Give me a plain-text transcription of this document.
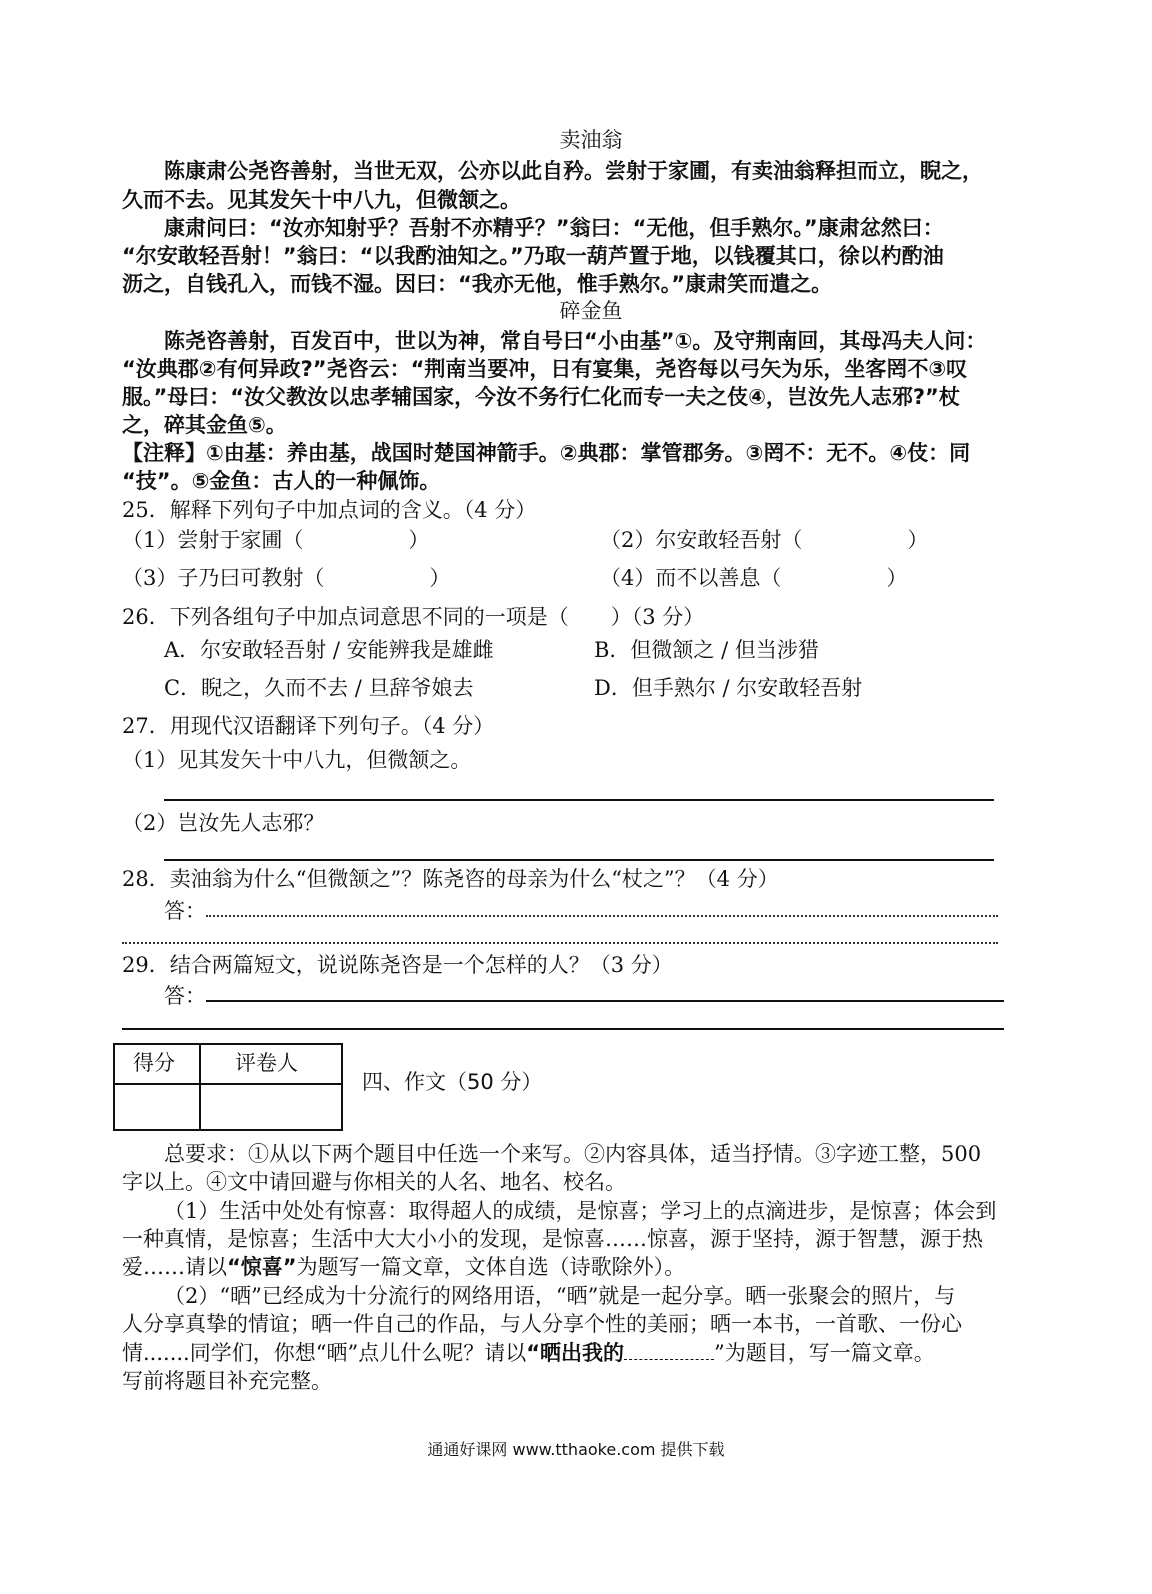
卖油翁
陈康肃公尧咨善射，当世无双，公亦以此自矜。尝射于家圃，有卖油翁释担而立，睨之，
久而不去。见其发矢十中八九，但微颔之。
康肃问曰：“汝亦知射乎？吾射不亦精乎？”翁曰：“无他，但手熟尔。”康肃忿然曰：
“尔安敢轻吾射！”翁曰：“以我酌油知之。”乃取一葫芦置于地，以钱覆其口，徐以杓酌油
沥之，自钱孔入，而钱不湿。因曰：“我亦无他，惟手熟尔。”康肃笑而遣之。
碎金鱼
陈尧咨善射，百发百中，世以为神，常自号曰“小由基”①。及守荆南回，其母冯夫人问：
“汝典郡②有何异政?”尧咨云：“荆南当要冲，日有宴集，尧咨每以弓矢为乐，坐客罔不③叹
服。”母曰：“汝父教汝以忠孝辅国家，今汝不务行仁化而专一夫之伎④，岂汝先人志邪?”杖
之，碎其金鱼⑤。
【注释】①由基：养由基，战国时楚国神箭手。②典郡：掌管郡务。③罔不：无不。④伎：同
“技”。⑤金鱼：古人的一种佩饰。
25．解释下列句子中加点词的含义。（4 分）
（1）尝射于家圃（　　　　　）	（2）尔安敢轻吾射（　　　　　）
（3）子乃曰可教射（　　　　　）	（4）而不以善息（　　　　　）
26．下列各组句子中加点词意思不同的一项是（　　）（3 分）
A．尔安敢轻吾射 / 安能辨我是雄雌	B．但微颔之 / 但当涉猎
C．睨之，久而不去 / 旦辞爷娘去	D．但手熟尔 / 尔安敢轻吾射
27．用现代汉语翻译下列句子。（4 分）
（1）见其发矢十中八九，但微颔之。
（2）岂汝先人志邪？
28．卖油翁为什么“但微颔之”？陈尧咨的母亲为什么“杖之”？（4 分）
答：
29．结合两篇短文，说说陈尧咨是一个怎样的人？（3 分）
答：
得分	评卷人
四、作文（50 分）
总要求：①从以下两个题目中任选一个来写。②内容具体，适当抒情。③字迹工整，500
字以上。④文中请回避与你相关的人名、地名、校名。
（1）生活中处处有惊喜：取得超人的成绩，是惊喜；学习上的点滴进步，是惊喜；体会到
一种真情，是惊喜；生活中大大小小的发现，是惊喜……惊喜，源于坚持，源于智慧，源于热
爱……请以“惊喜”为题写一篇文章，文体自选（诗歌除外）。
（2）“晒”已经成为十分流行的网络用语，“晒”就是一起分享。晒一张聚会的照片，与
人分享真挚的情谊；晒一件自己的作品，与人分享个性的美丽；晒一本书，一首歌、一份心
情.......同学们，你想“晒”点儿什么呢？请以“晒出我的	”为题目，写一篇文章。
写前将题目补充完整。
通通好课网 www.tthaoke.com 提供下载
